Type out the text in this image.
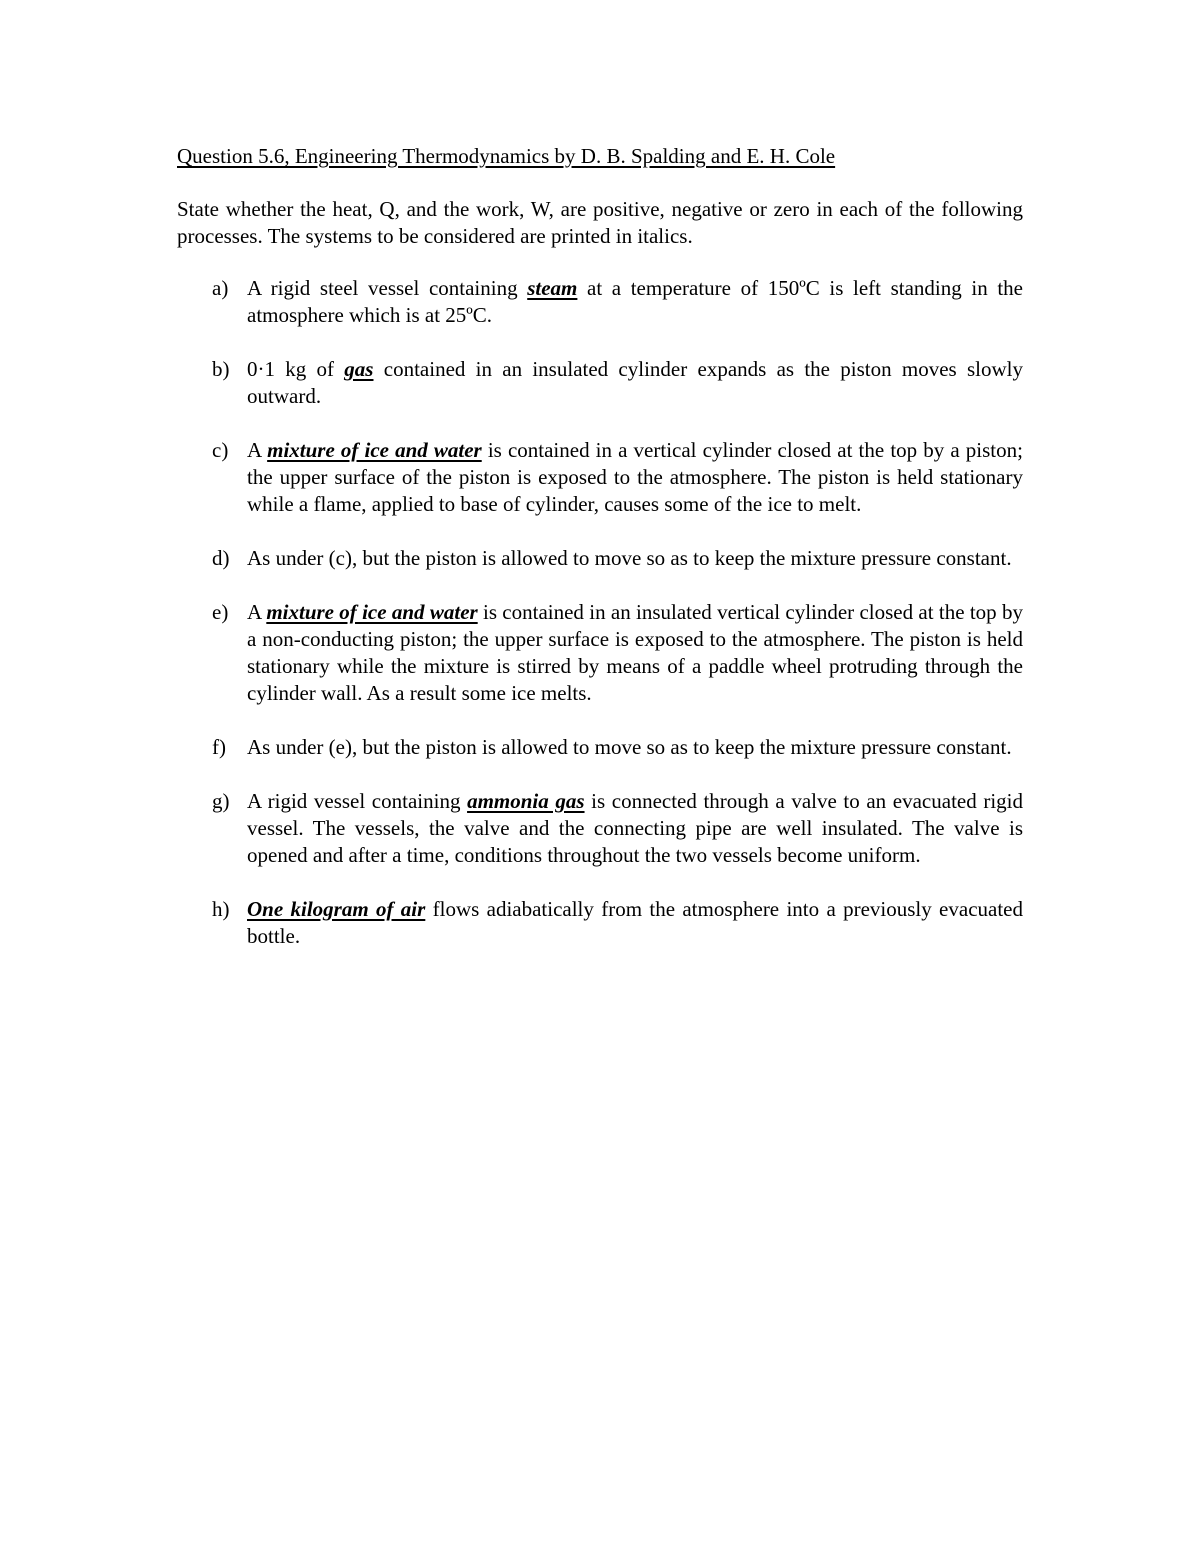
Question 5.6, Engineering Thermodynamics by D. B. Spalding and E. H. Cole

State whether the heat, Q, and the work, W, are positive, negative or zero in each of the following processes. The systems to be considered are printed in italics.

a) A rigid steel vessel containing steam at a temperature of 150ºC is left standing in the atmosphere which is at 25ºC.
b) 0·1 kg of gas contained in an insulated cylinder expands as the piston moves slowly outward.
c) A mixture of ice and water is contained in a vertical cylinder closed at the top by a piston; the upper surface of the piston is exposed to the atmosphere. The piston is held stationary while a flame, applied to base of cylinder, causes some of the ice to melt.
d) As under (c), but the piston is allowed to move so as to keep the mixture pressure constant.
e) A mixture of ice and water is contained in an insulated vertical cylinder closed at the top by a non-conducting piston; the upper surface is exposed to the atmosphere. The piston is held stationary while the mixture is stirred by means of a paddle wheel protruding through the cylinder wall. As a result some ice melts.
f) As under (e), but the piston is allowed to move so as to keep the mixture pressure constant.
g) A rigid vessel containing ammonia gas is connected through a valve to an evacuated rigid vessel. The vessels, the valve and the connecting pipe are well insulated. The valve is opened and after a time, conditions throughout the two vessels become uniform.
h) One kilogram of air flows adiabatically from the atmosphere into a previously evacuated bottle.
